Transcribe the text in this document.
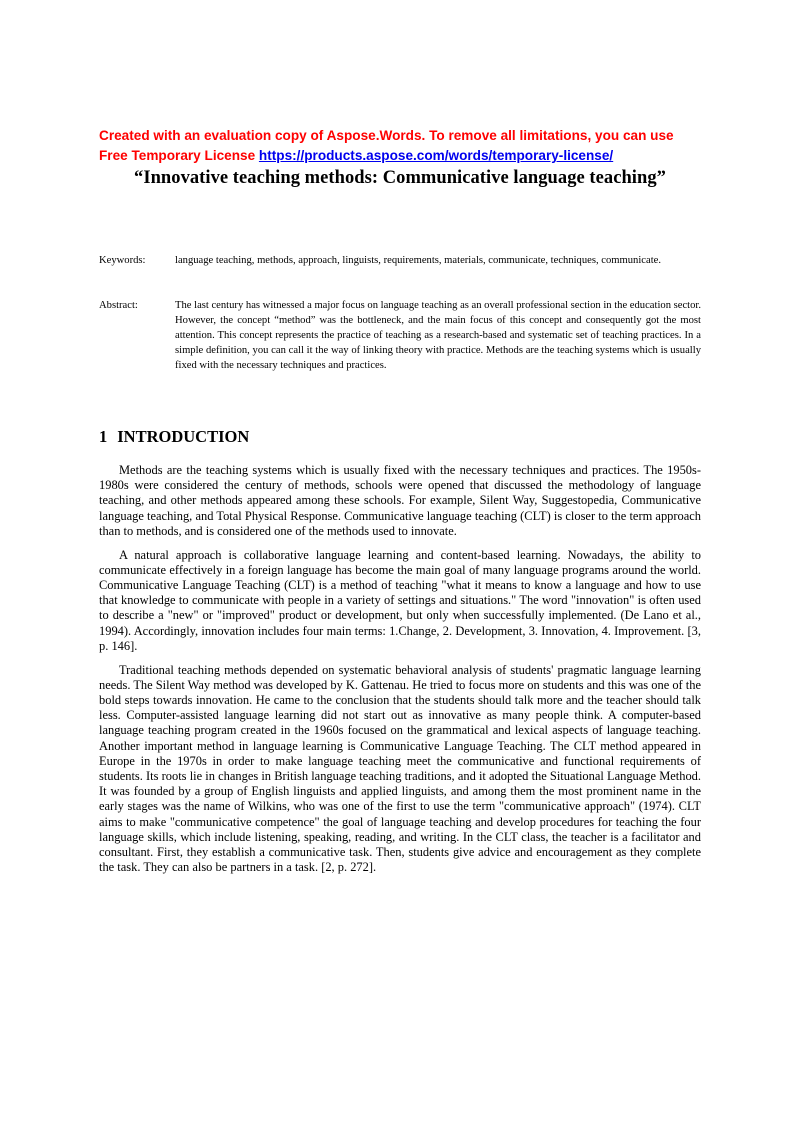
Created with an evaluation copy of Aspose.Words. To remove all limitations, you can use
Free Temporary License https://products.aspose.com/words/temporary-license/
“Innovative teaching methods: Communicative language teaching”
Keywords:	language teaching, methods, approach, linguists, requirements, materials, communicate, techniques, communicate.
Abstract:	The last century has witnessed a major focus on language teaching as an overall professional section in the education sector. However, the concept “method” was the bottleneck, and the main focus of this concept and consequently got the most attention. This concept represents the practice of teaching as a research-based and systematic set of teaching practices. In a simple definition, you can call it the way of linking theory with practice. Methods are the teaching systems which is usually fixed with the necessary techniques and practices.
1 INTRODUCTION

Methods are the teaching systems which is usually fixed with the necessary techniques and practices. The 1950s-1980s were considered the century of methods, schools were opened that discussed the methodology of language teaching, and other methods appeared among these schools. For example, Silent Way, Suggestopedia, Communicative language teaching, and Total Physical Response. Communicative language teaching (CLT) is closer to the term approach than to methods, and is considered one of the methods used to innovate.

A natural approach is collaborative language learning and content-based learning. Nowadays, the ability to communicate effectively in a foreign language has become the main goal of many language programs around the world. Communicative Language Teaching (CLT) is a method of teaching "what it means to know a language and how to use that knowledge to communicate with people in a variety of settings and situations." The word "innovation" is often used to describe a "new" or "improved" product or development, but only when successfully implemented. (De Lano et al., 1994). Accordingly, innovation includes four main terms: 1.Change, 2. Development, 3. Innovation, 4. Improvement. [3, p. 146].

Traditional teaching methods depended on systematic behavioral analysis of students' pragmatic language learning needs. The Silent Way method was developed by K. Gattenau. He tried to focus more on students and this was one of the bold steps towards innovation. He came to the conclusion that the students should talk more and the teacher should talk less. Computer-assisted language learning did not start out as innovative as many people think. A computer-based language teaching program created in the 1960s focused on the grammatical and lexical aspects of language teaching. Another important method in language learning is Communicative Language Teaching. The CLT method appeared in Europe in the 1970s in order to make language teaching meet the communicative and functional requirements of students. Its roots lie in changes in British language teaching traditions, and it adopted the Situational Language Method. It was founded by a group of English linguists and applied linguists, and among them the most prominent name in the early stages was the name of Wilkins, who was one of the first to use the term "communicative approach" (1974). CLT aims to make "communicative competence" the goal of language teaching and develop procedures for teaching the four language skills, which include listening, speaking, reading, and writing. In the CLT class, the teacher is a facilitator and consultant. First, they establish a communicative task. Then, students give advice and encouragement as they complete the task. They can also be partners in a task. [2, p. 272].
